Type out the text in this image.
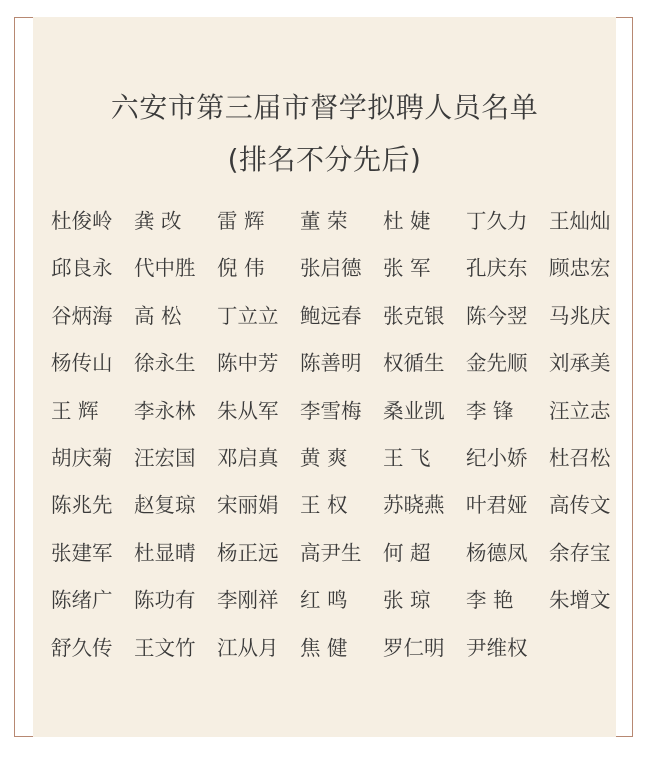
六安市第三届市督学拟聘人员名单
(排名不分先后)
杜俊岭 龚 改 雷 辉 董 荣 杜 婕 丁久力 王灿灿
邱良永 代中胜 倪 伟 张启德 张 军 孔庆东 顾忠宏
谷炳海 高 松 丁立立 鲍远春 张克银 陈今翌 马兆庆
杨传山 徐永生 陈中芳 陈善明 权循生 金先顺 刘承美
王 辉 李永林 朱从军 李雪梅 桑业凯 李 锋 汪立志
胡庆菊 汪宏国 邓启真 黄 爽 王 飞 纪小娇 杜召松
陈兆先 赵复琼 宋丽娟 王 权 苏晓燕 叶君娅 高传文
张建军 杜显晴 杨正远 高尹生 何 超 杨德凤 余存宝
陈绪广 陈功有 李刚祥 红 鸣 张 琼 李 艳 朱增文
舒久传 王文竹 江从月 焦 健 罗仁明 尹维权
